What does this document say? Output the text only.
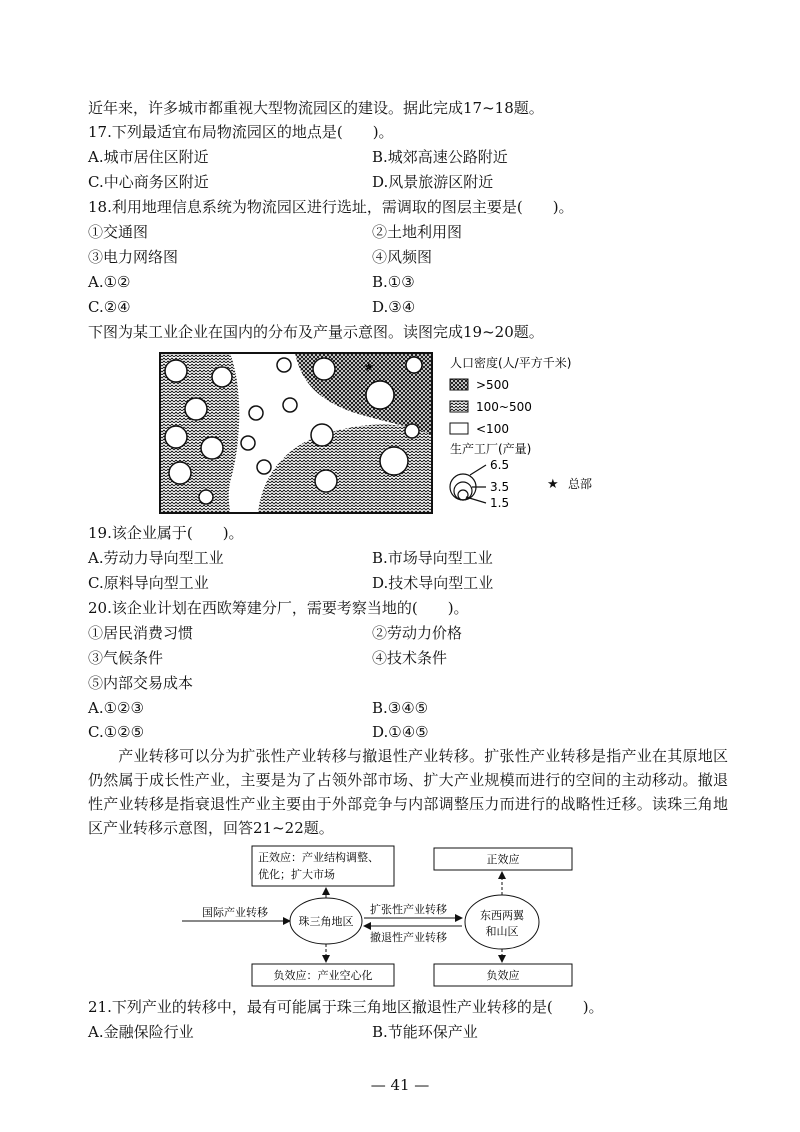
近年来，许多城市都重视大型物流园区的建设。据此完成17~18题。
17.下列最适宜布局物流园区的地点是(　　)。
A.城市居住区附近	B.城郊高速公路附近
C.中心商务区附近	D.风景旅游区附近
18.利用地理信息系统为物流园区进行选址，需调取的图层主要是(　　)。
①交通图	②土地利用图
③电力网络图	④风频图
A.①②	B.①③
C.②④	D.③④
下图为某工业企业在国内的分布及产量示意图。读图完成19~20题。
★	人口密度(人/平方千米)
>500
100~500
<100
生产工厂(产量)
6.5
3.5
1.5
★ 总部
19.该企业属于(　　)。
A.劳动力导向型工业	B.市场导向型工业
C.原料导向型工业	D.技术导向型工业
20.该企业计划在西欧筹建分厂，需要考察当地的(　　)。
①居民消费习惯	②劳动力价格
③气候条件	④技术条件
⑤内部交易成本
A.①②③	B.③④⑤
C.①②⑤	D.①④⑤
产业转移可以分为扩张性产业转移与撤退性产业转移。扩张性产业转移是指产业在其原地区仍然属于成长性产业，主要是为了占领外部市场、扩大产业规模而进行的空间的主动移动。撤退性产业转移是指衰退性产业主要由于外部竞争与内部调整压力而进行的战略性迁移。读珠三角地区产业转移示意图，回答21~22题。
正效应：产业结构调整、
优化；扩大市场
正效应
国际产业转移
珠三角地区
扩张性产业转移
撤退性产业转移
东西两翼
和山区
负效应：产业空心化	负效应
21.下列产业的转移中，最有可能属于珠三角地区撤退性产业转移的是(　　)。
A.金融保险行业	B.节能环保产业
— 41 —
